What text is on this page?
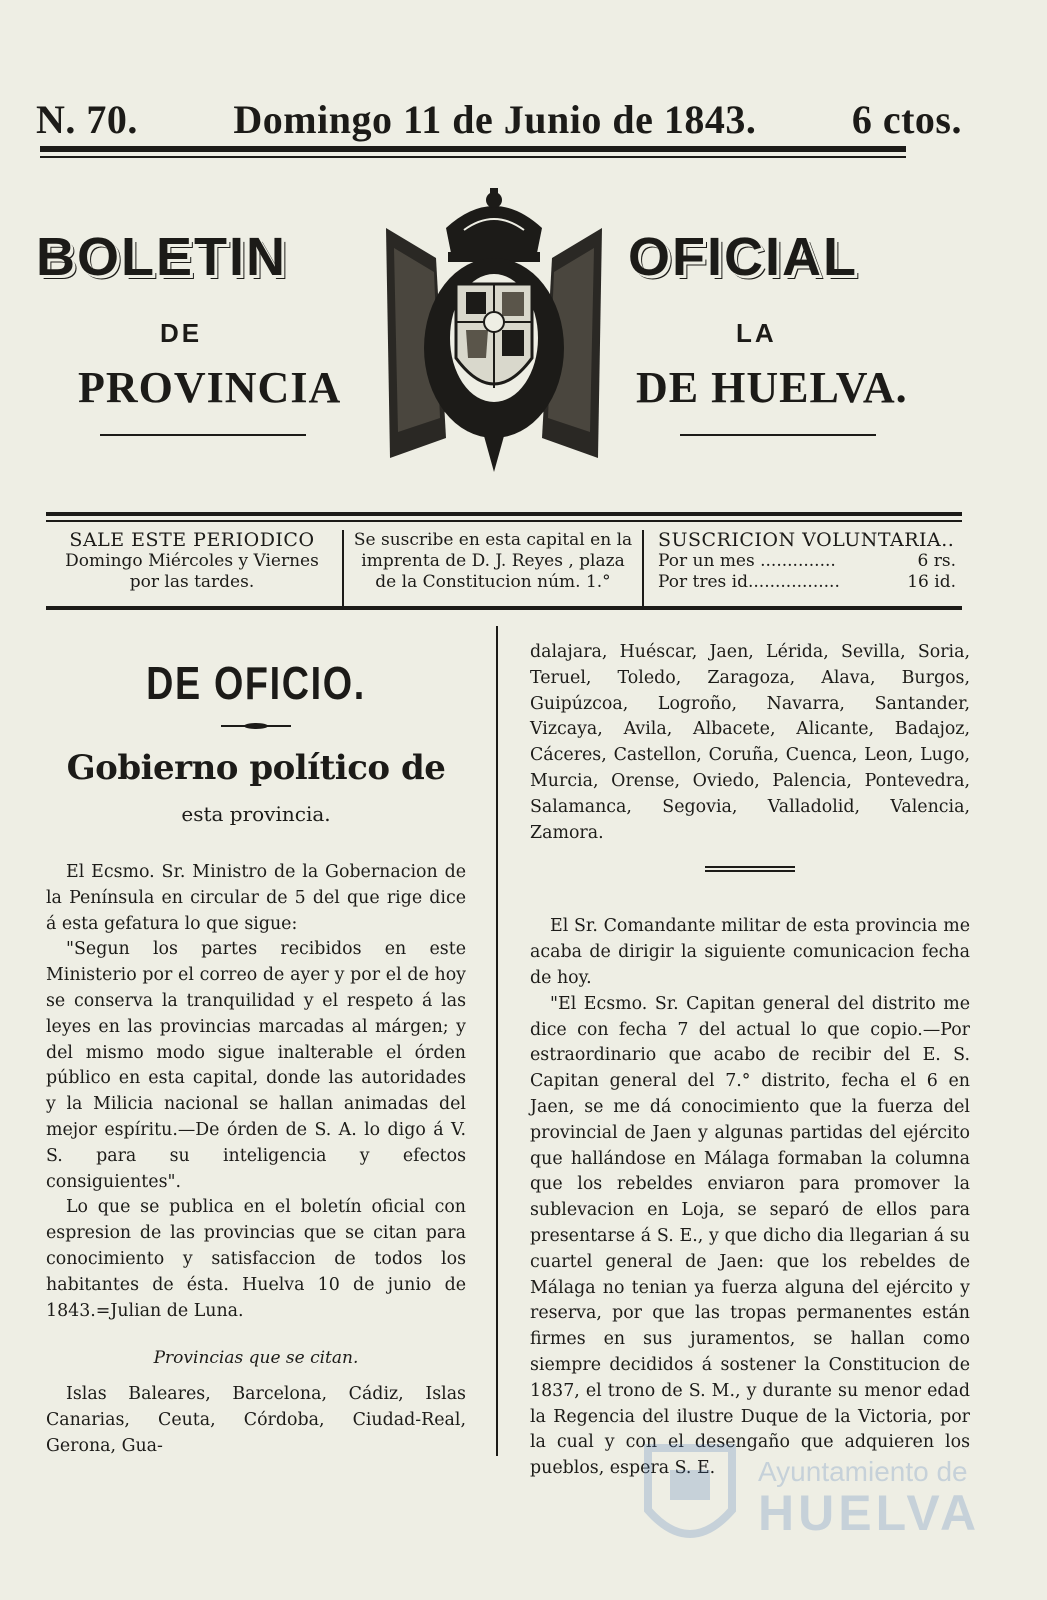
N. 70. Domingo 11 de Junio de 1843. 6 ctos.
BOLETIN	OFICIAL
DE	LA
PROVINCIA	DE HUELVA.
SALE ESTE PERIODICO
Domingo Miércoles y Viernes
por las tardes.
Se suscribe en esta capital en la
imprenta de D. J. Reyes , plaza
de la Constitucion núm. 1.°
SUSCRICION VOLUNTARIA..
Por un mes ..............	6 rs.
Por tres id.................	16 id.
DE OFICIO.
Gobierno político de
esta provincia.

El Ecsmo. Sr. Ministro de la Gobernacion de la Península en circular de 5 del que rige dice á esta gefatura lo que sigue:

"Segun los partes recibidos en este Ministerio por el correo de ayer y por el de hoy se conserva la tranquilidad y el respeto á las leyes en las provincias marcadas al márgen; y del mismo modo sigue inalterable el órden público en esta capital, donde las autoridades y la Milicia nacional se hallan animadas del mejor espíritu.—De órden de S. A. lo digo á V. S. para su inteligencia y efectos consiguientes".

Lo que se publica en el boletín oficial con espresion de las provincias que se citan para conocimiento y satisfaccion de todos los habitantes de ésta. Huelva 10 de junio de 1843.=Julian de Luna.

Provincias que se citan.

Islas Baleares, Barcelona, Cádiz, Islas Canarias, Ceuta, Córdoba, Ciudad-Real, Gerona, Gua-

dalajara, Huéscar, Jaen, Lérida, Sevilla, Soria, Teruel, Toledo, Zaragoza, Alava, Burgos, Guipúzcoa, Logroño, Navarra, Santander, Vizcaya, Avila, Albacete, Alicante, Badajoz, Cáceres, Castellon, Coruña, Cuenca, Leon, Lugo, Murcia, Orense, Oviedo, Palencia, Pontevedra, Salamanca, Segovia, Valladolid, Valencia, Zamora.

El Sr. Comandante militar de esta provincia me acaba de dirigir la siguiente comunicacion fecha de hoy.

"El Ecsmo. Sr. Capitan general del distrito me dice con fecha 7 del actual lo que copio.—Por estraordinario que acabo de recibir del E. S. Capitan general del 7.° distrito, fecha el 6 en Jaen, se me dá conocimiento que la fuerza del provincial de Jaen y algunas partidas del ejército que hallándose en Málaga formaban la columna que los rebeldes enviaron para promover la sublevacion en Loja, se separó de ellos para presentarse á S. E., y que dicho dia llegarian á su cuartel general de Jaen: que los rebeldes de Málaga no tenian ya fuerza alguna del ejército y reserva, por que las tropas permanentes están firmes en sus juramentos, se hallan como siempre decididos á sostener la Constitucion de 1837, el trono de S. M., y durante su menor edad la Regencia del ilustre Duque de la Victoria, por la cual y con el desengaño que adquieren los pueblos, espera S. E.	Ayuntamiento de
HUELVA
